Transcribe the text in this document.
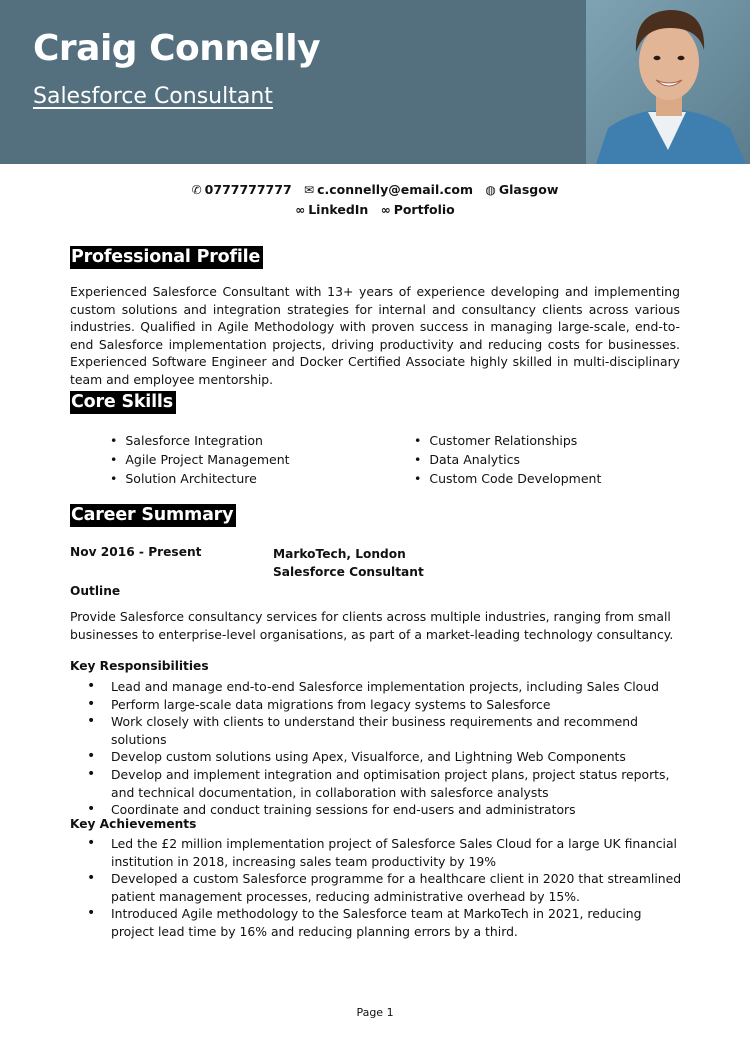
Craig Connelly
Salesforce Consultant
✆ 0777777777 ✉ c.connelly@email.com ◍ Glasgow
∞ LinkedIn ∞ Portfolio
Professional Profile
Experienced Salesforce Consultant with 13+ years of experience developing and implementing custom solutions and integration strategies for internal and consultancy clients across various industries. Qualified in Agile Methodology with proven success in managing large-scale, end-to-end Salesforce implementation projects, driving productivity and reducing costs for businesses. Experienced Software Engineer and Docker Certified Associate highly skilled in multi-disciplinary team and employee mentorship.
Core Skills
• Salesforce Integration
• Agile Project Management
• Solution Architecture
• Customer Relationships
• Data Analytics
• Custom Code Development
Career Summary
Nov 2016 - Present	MarkoTech, London
Salesforce Consultant
Outline
Provide Salesforce consultancy services for clients across multiple industries, ranging from small businesses to enterprise-level organisations, as part of a market-leading technology consultancy.
Key Responsibilities
• Lead and manage end-to-end Salesforce implementation projects, including Sales Cloud
• Perform large-scale data migrations from legacy systems to Salesforce
• Work closely with clients to understand their business requirements and recommend solutions
• Develop custom solutions using Apex, Visualforce, and Lightning Web Components
• Develop and implement integration and optimisation project plans, project status reports, and technical documentation, in collaboration with salesforce analysts
• Coordinate and conduct training sessions for end-users and administrators
Key Achievements
• Led the £2 million implementation project of Salesforce Sales Cloud for a large UK financial institution in 2018, increasing sales team productivity by 19%
• Developed a custom Salesforce programme for a healthcare client in 2020 that streamlined patient management processes, reducing administrative overhead by 15%.
• Introduced Agile methodology to the Salesforce team at MarkoTech in 2021, reducing project lead time by 16% and reducing planning errors by a third.
Page 1
